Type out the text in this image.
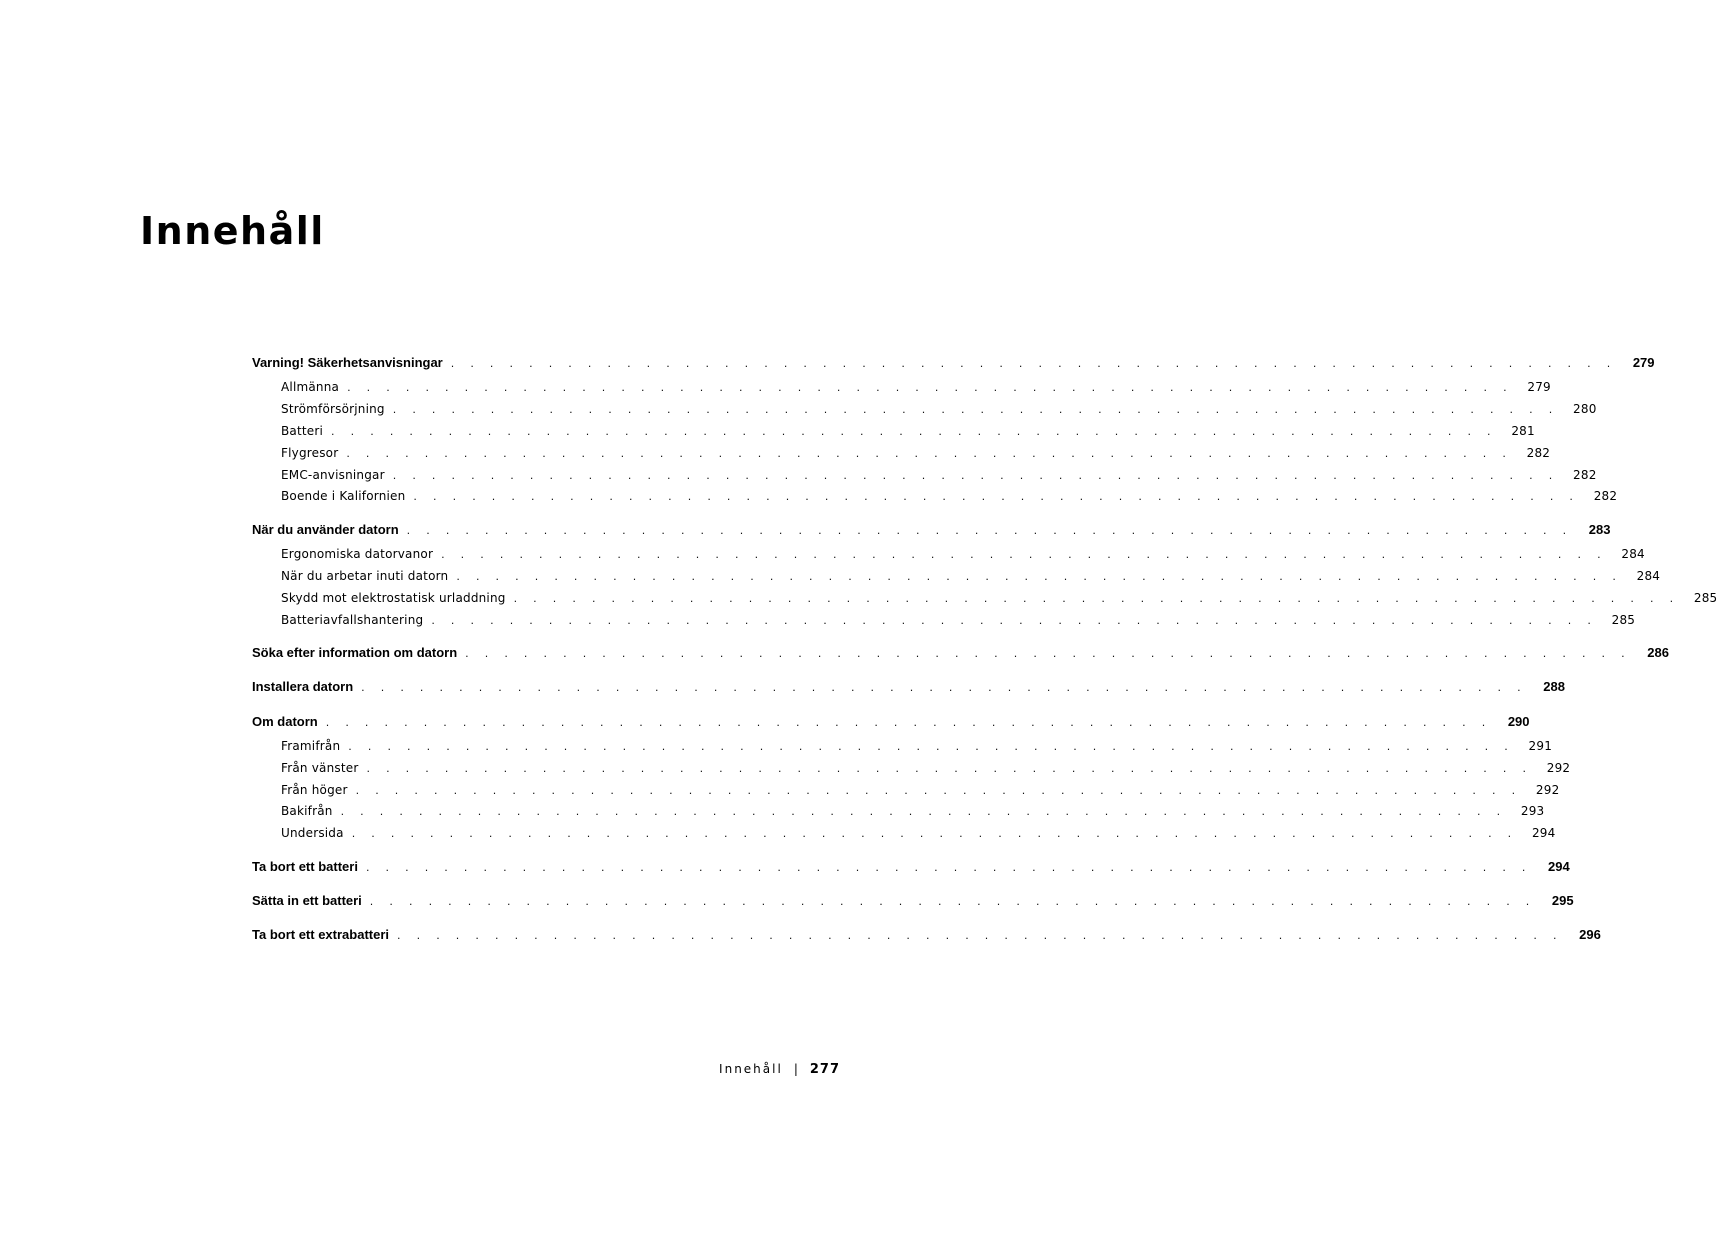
Innehåll
Varning! Säkerhetsanvisningar . . . . . . . . . . . . . . . . . . . . . . . . . . . . . . . . . . . . . . . . . . . . . . . . . . . . . . . . . . . .	279
Allmänna . . . . . . . . . . . . . . . . . . . . . . . . . . . . . . . . . . . . . . . . . . . . . . . . . . . . . . . . . . . .	279
Strömförsörjning . . . . . . . . . . . . . . . . . . . . . . . . . . . . . . . . . . . . . . . . . . . . . . . . . . . . . . . . . . . .	280
Batteri . . . . . . . . . . . . . . . . . . . . . . . . . . . . . . . . . . . . . . . . . . . . . . . . . . . . . . . . . . . .	281
Flygresor . . . . . . . . . . . . . . . . . . . . . . . . . . . . . . . . . . . . . . . . . . . . . . . . . . . . . . . . . . . .	282
EMC-anvisningar . . . . . . . . . . . . . . . . . . . . . . . . . . . . . . . . . . . . . . . . . . . . . . . . . . . . . . . . . . . .	282
Boende i Kalifornien . . . . . . . . . . . . . . . . . . . . . . . . . . . . . . . . . . . . . . . . . . . . . . . . . . . . . . . . . . . .	282
När du använder datorn . . . . . . . . . . . . . . . . . . . . . . . . . . . . . . . . . . . . . . . . . . . . . . . . . . . . . . . . . . . .	283
Ergonomiska datorvanor . . . . . . . . . . . . . . . . . . . . . . . . . . . . . . . . . . . . . . . . . . . . . . . . . . . . . . . . . . . .	284
När du arbetar inuti datorn . . . . . . . . . . . . . . . . . . . . . . . . . . . . . . . . . . . . . . . . . . . . . . . . . . . . . . . . . . . .	284
Skydd mot elektrostatisk urladdning . . . . . . . . . . . . . . . . . . . . . . . . . . . . . . . . . . . . . . . . . . . . . . . . . . . . . . . . . . . .	285
Batteriavfallshantering . . . . . . . . . . . . . . . . . . . . . . . . . . . . . . . . . . . . . . . . . . . . . . . . . . . . . . . . . . . .	285
Söka efter information om datorn . . . . . . . . . . . . . . . . . . . . . . . . . . . . . . . . . . . . . . . . . . . . . . . . . . . . . . . . . . . .	286
Installera datorn . . . . . . . . . . . . . . . . . . . . . . . . . . . . . . . . . . . . . . . . . . . . . . . . . . . . . . . . . . . .	288
Om datorn . . . . . . . . . . . . . . . . . . . . . . . . . . . . . . . . . . . . . . . . . . . . . . . . . . . . . . . . . . . .	290
Framifrån . . . . . . . . . . . . . . . . . . . . . . . . . . . . . . . . . . . . . . . . . . . . . . . . . . . . . . . . . . . .	291
Från vänster . . . . . . . . . . . . . . . . . . . . . . . . . . . . . . . . . . . . . . . . . . . . . . . . . . . . . . . . . . . .	292
Från höger . . . . . . . . . . . . . . . . . . . . . . . . . . . . . . . . . . . . . . . . . . . . . . . . . . . . . . . . . . . .	292
Bakifrån . . . . . . . . . . . . . . . . . . . . . . . . . . . . . . . . . . . . . . . . . . . . . . . . . . . . . . . . . . . .	293
Undersida . . . . . . . . . . . . . . . . . . . . . . . . . . . . . . . . . . . . . . . . . . . . . . . . . . . . . . . . . . . .	294
Ta bort ett batteri . . . . . . . . . . . . . . . . . . . . . . . . . . . . . . . . . . . . . . . . . . . . . . . . . . . . . . . . . . . .	294
Sätta in ett batteri . . . . . . . . . . . . . . . . . . . . . . . . . . . . . . . . . . . . . . . . . . . . . . . . . . . . . . . . . . . .	295
Ta bort ett extrabatteri . . . . . . . . . . . . . . . . . . . . . . . . . . . . . . . . . . . . . . . . . . . . . . . . . . . . . . . . . . . .	296
Innehåll | 277
